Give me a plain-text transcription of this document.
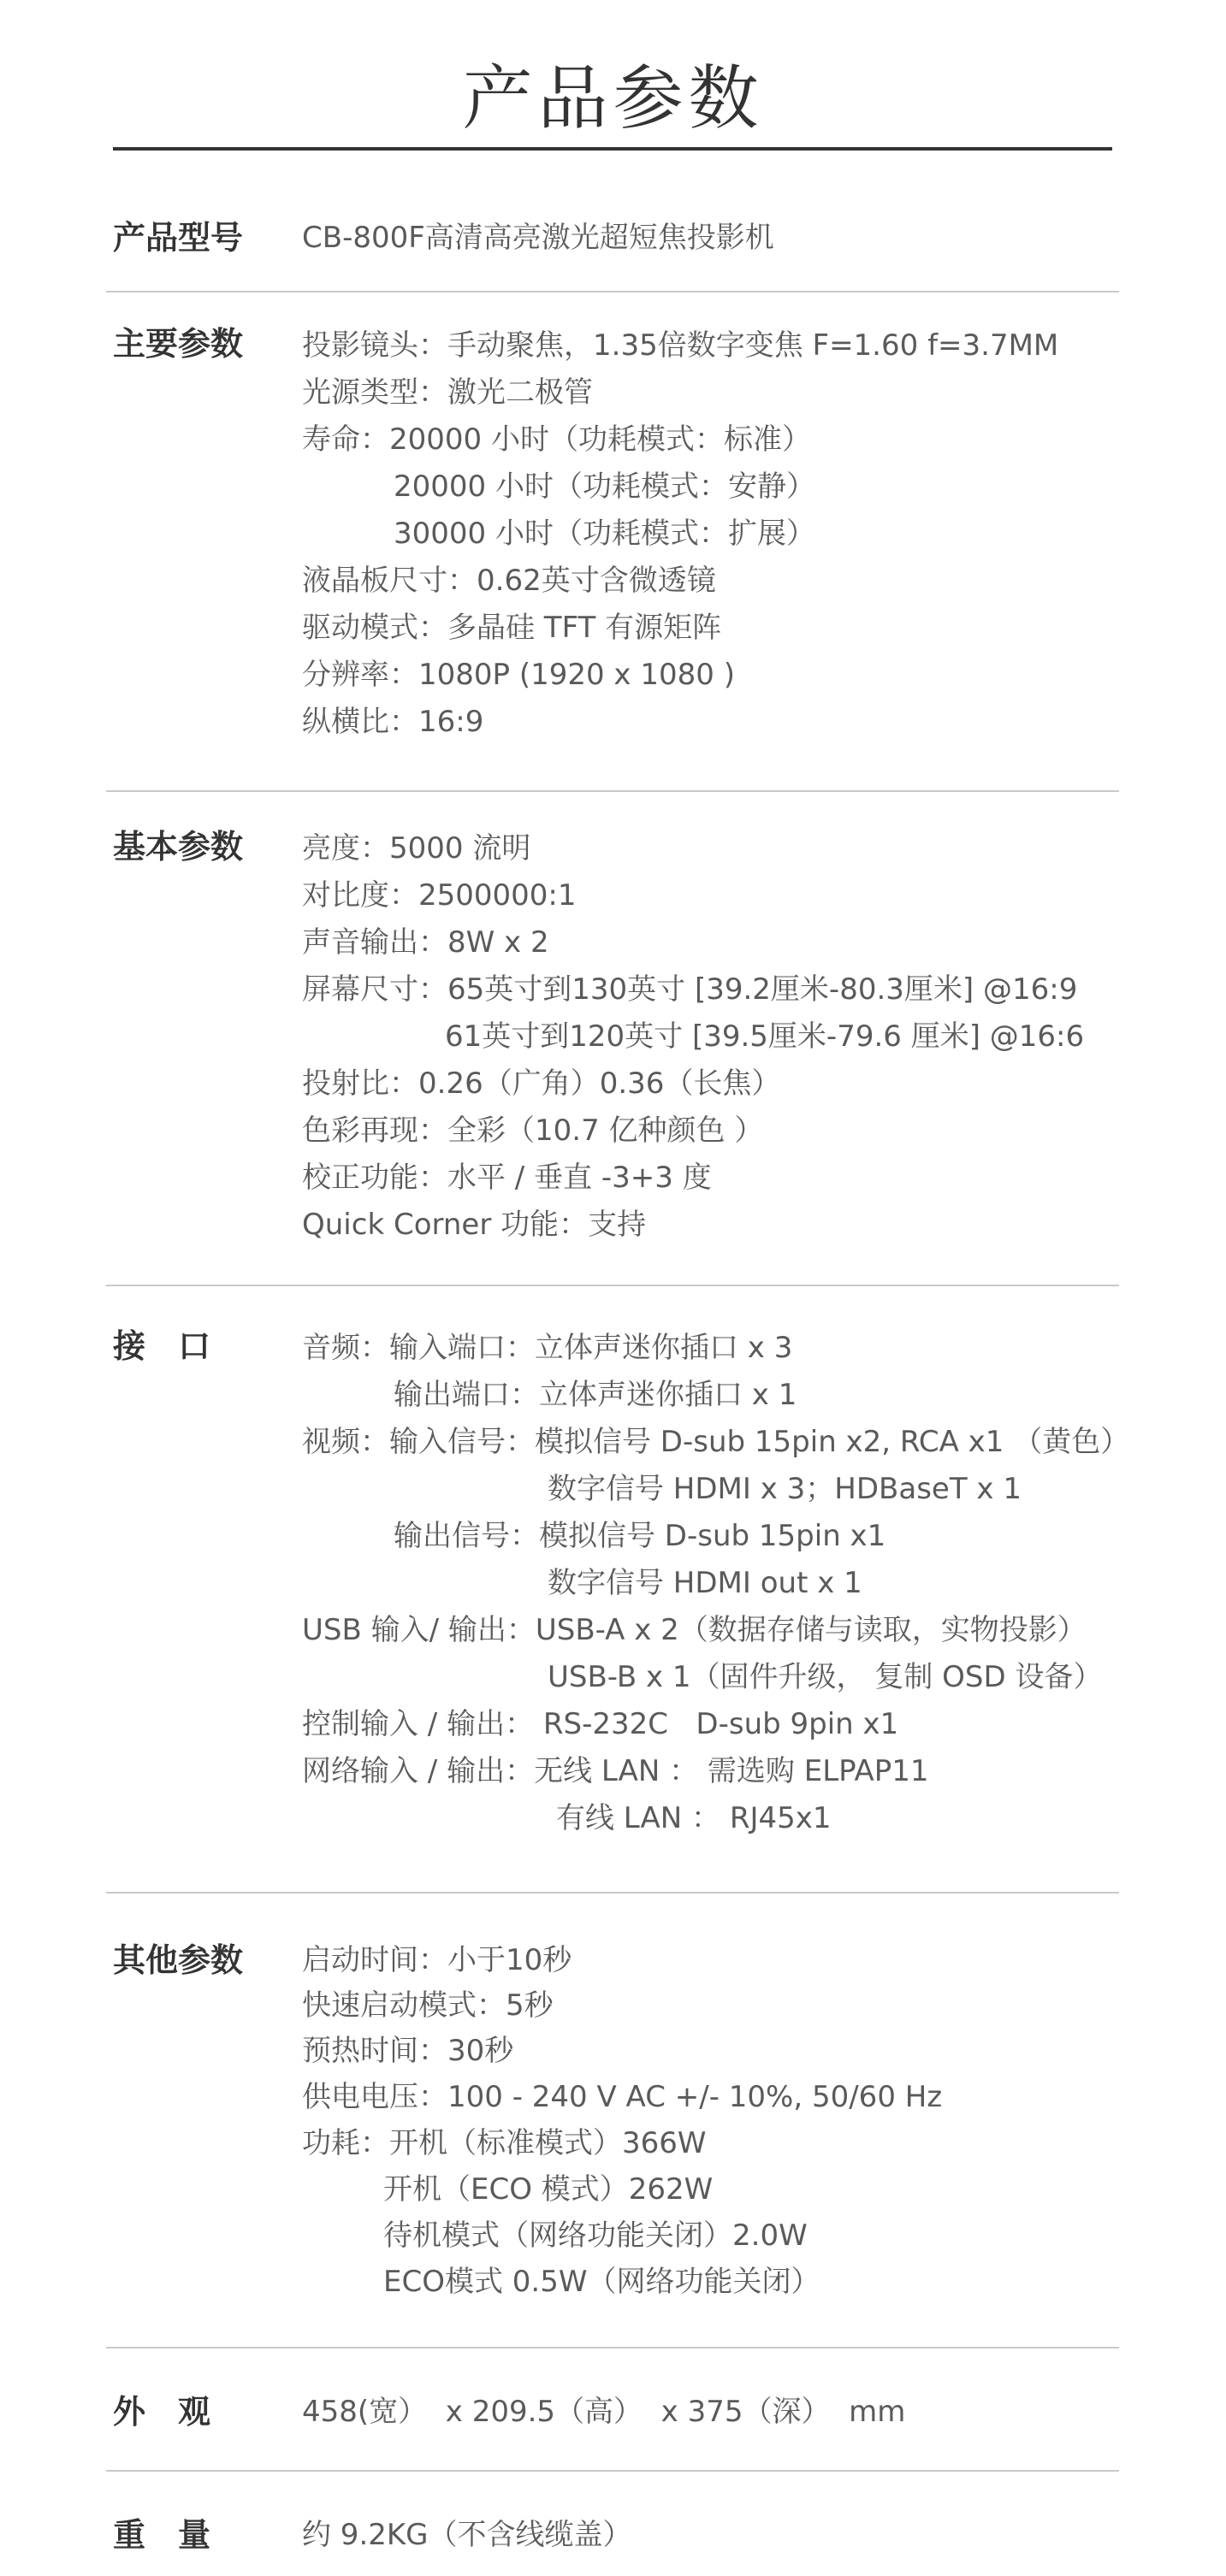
产品参数
产品型号	CB-800F高清高亮激光超短焦投影机
主要参数	投影镜头：手动聚焦，1.35倍数字变焦 F=1.60 f=3.7MM
光源类型：激光二极管
寿命：20000 小时（功耗模式：标准）
20000 小时（功耗模式：安静）
30000 小时（功耗模式：扩展）
液晶板尺寸：0.62英寸含微透镜
驱动模式：多晶硅 TFT 有源矩阵
分辨率：1080P (1920 x 1080 )
纵横比：16:9
基本参数	亮度：5000 流明
对比度：2500000:1
声音输出：8W x 2
屏幕尺寸：65英寸到130英寸 [39.2厘米-80.3厘米] @16:9
61英寸到120英寸 [39.5厘米-79.6 厘米] @16:6
投射比：0.26（广角）0.36（长焦）
色彩再现：全彩（10.7 亿种颜色 ）
校正功能：水平 / 垂直 -3+3 度
Quick Corner 功能：支持
接口	音频：输入端口：立体声迷你插口 x 3
输出端口：立体声迷你插口 x 1
视频：输入信号：模拟信号 D-sub 15pin x2, RCA x1 （黄色）
数字信号 HDMI x 3；HDBaseT x 1
输出信号：模拟信号 D-sub 15pin x1
数字信号 HDMI out x 1
USB 输入/ 输出：USB-A x 2（数据存储与读取，实物投影）
USB-B x 1（固件升级， 复制 OSD 设备）
控制输入 / 输出： RS-232C   D-sub 9pin x1
网络输入 / 输出：无线 LAN ： 需选购 ELPAP11
有线 LAN ： RJ45x1
其他参数	启动时间：小于10秒
快速启动模式：5秒
预热时间：30秒
供电电压：100 - 240 V AC +/- 10%, 50/60 Hz
功耗：开机（标准模式）366W
开机（ECO 模式）262W
待机模式（网络功能关闭）2.0W
ECO模式 0.5W（网络功能关闭）
外观	458(宽）  x 209.5（高）  x 375（深）  mm
重量	约 9.2KG（不含线缆盖）
